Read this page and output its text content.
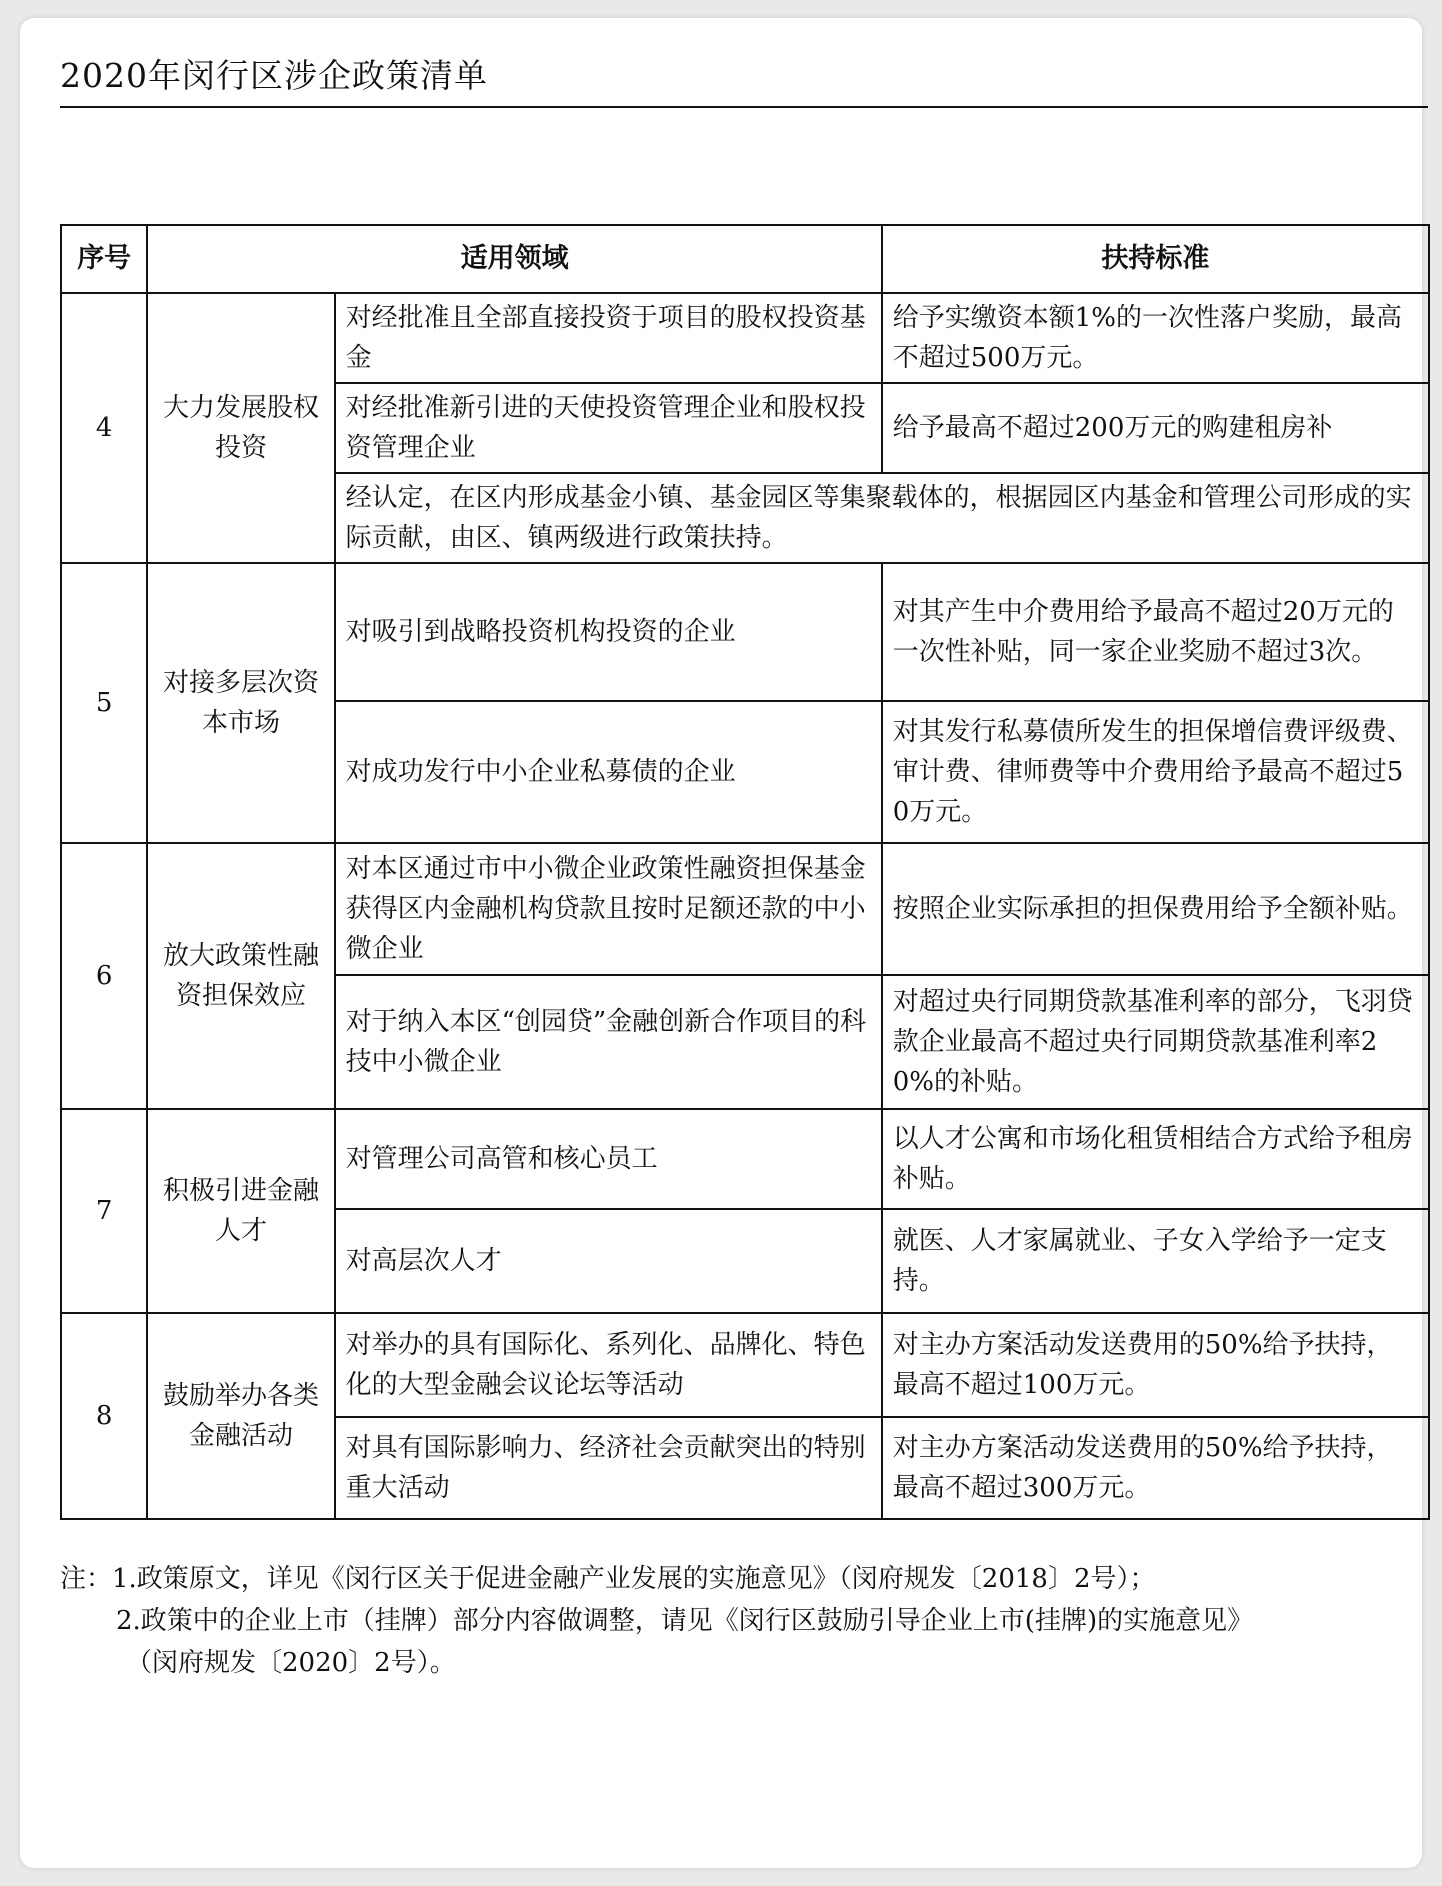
2020年闵行区涉企政策清单
序号	适用领域		扶持标准
4	大力发展股权投资	对经批准且全部直接投资于项目的股权投资基金	给予实缴资本额1%的一次性落户奖励，最高不超过500万元。
		对经批准新引进的天使投资管理企业和股权投资管理企业	给予最高不超过200万元的购建租房补
		经认定，在区内形成基金小镇、基金园区等集聚载体的，根据园区内基金和管理公司形成的实际贡献，由区、镇两级进行政策扶持。	
5	对接多层次资本市场	对吸引到战略投资机构投资的企业	对其产生中介费用给予最高不超过20万元的一次性补贴，同一家企业奖励不超过3次。
		对成功发行中小企业私募债的企业	对其发行私募债所发生的担保增信费评级费、审计费、律师费等中介费用给予最高不超过50万元。
6	放大政策性融资担保效应	对本区通过市中小微企业政策性融资担保基金获得区内金融机构贷款且按时足额还款的中小微企业	按照企业实际承担的担保费用给予全额补贴。
		对于纳入本区“创园贷”金融创新合作项目的科技中小微企业	对超过央行同期贷款基准利率的部分，飞羽贷款企业最高不超过央行同期贷款基准利率20%的补贴。
7	积极引进金融人才	对管理公司高管和核心员工	以人才公寓和市场化租赁相结合方式给予租房补贴。
		对高层次人才	就医、人才家属就业、子女入学给予一定支持。
8	鼓励举办各类金融活动	对举办的具有国际化、系列化、品牌化、特色化的大型金融会议论坛等活动	对主办方案活动发送费用的50%给予扶持，最高不超过100万元。
		对具有国际影响力、经济社会贡献突出的特别重大活动	对主办方案活动发送费用的50%给予扶持，最高不超过300万元。
注：1.政策原文，详见《闵行区关于促进金融产业发展的实施意见》（闵府规发〔2018〕2号）；
2.政策中的企业上市（挂牌）部分内容做调整，请见《闵行区鼓励引导企业上市(挂牌)的实施意见》
（闵府规发〔2020〕2号）。
